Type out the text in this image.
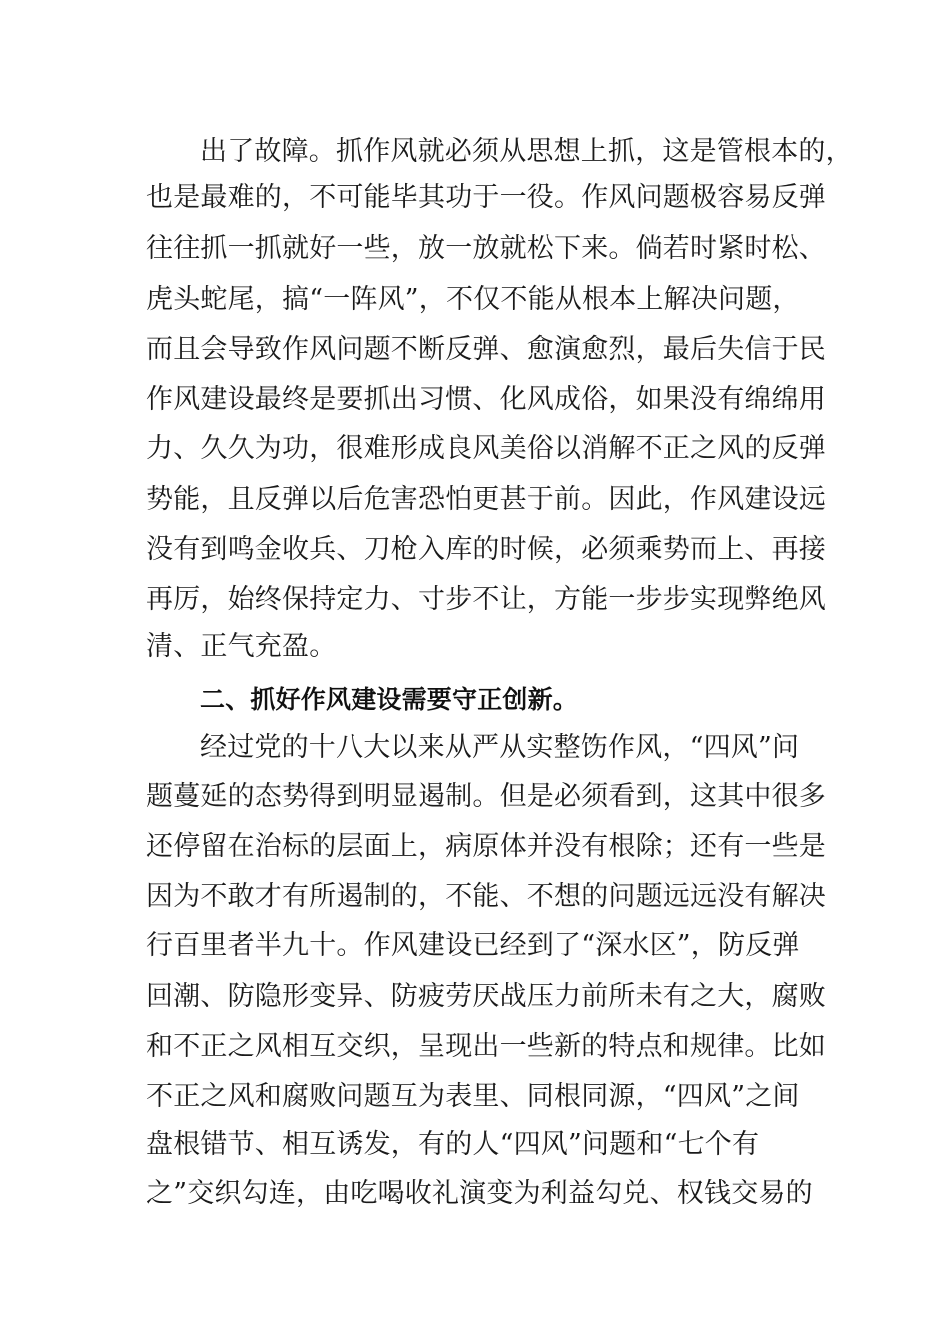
出了故障。抓作风就必须从思想上抓，这是管根本的，
也是最难的，不可能毕其功于一役。作风问题极容易反弹
往往抓一抓就好一些，放一放就松下来。倘若时紧时松、
虎头蛇尾，搞“一阵风”，不仅不能从根本上解决问题，
而且会导致作风问题不断反弹、愈演愈烈，最后失信于民
作风建设最终是要抓出习惯、化风成俗，如果没有绵绵用
力、久久为功，很难形成良风美俗以消解不正之风的反弹
势能，且反弹以后危害恐怕更甚于前。因此，作风建设远
没有到鸣金收兵、刀枪入库的时候，必须乘势而上、再接
再厉，始终保持定力、寸步不让，方能一步步实现弊绝风
清、正气充盈。
二、抓好作风建设需要守正创新。
经过党的十八大以来从严从实整饬作风，“四风”问
题蔓延的态势得到明显遏制。但是必须看到，这其中很多
还停留在治标的层面上，病原体并没有根除；还有一些是
因为不敢才有所遏制的，不能、不想的问题远远没有解决
行百里者半九十。作风建设已经到了“深水区”，防反弹
回潮、防隐形变异、防疲劳厌战压力前所未有之大，腐败
和不正之风相互交织，呈现出一些新的特点和规律。比如
不正之风和腐败问题互为表里、同根同源，“四风”之间
盘根错节、相互诱发，有的人“四风”问题和“七个有
之”交织勾连，由吃喝收礼演变为利益勾兑、权钱交易的
